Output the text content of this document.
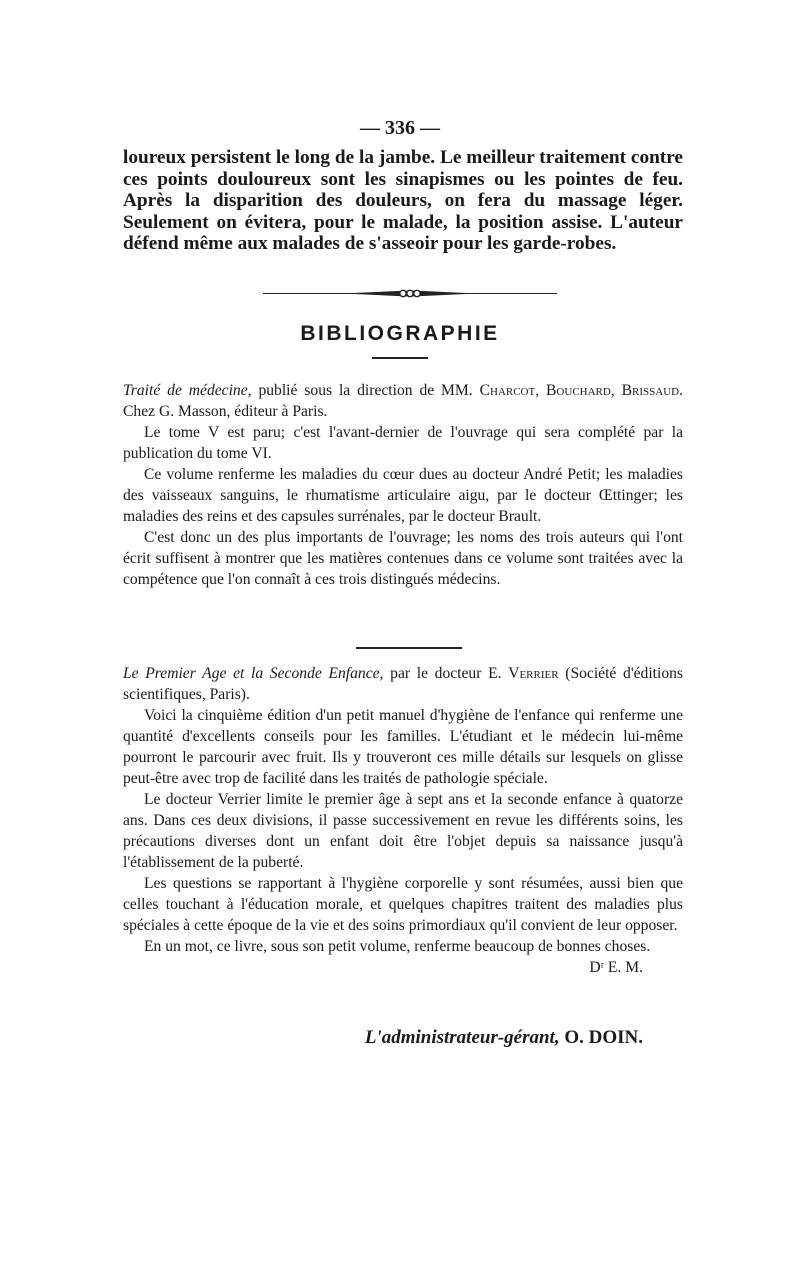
— 336 —

loureux persistent le long de la jambe. Le meilleur traitement contre ces points douloureux sont les sinapismes ou les pointes de feu. Après la disparition des douleurs, on fera du massage léger. Seulement on évitera, pour le malade, la position assise. L'auteur défend même aux malades de s'asseoir pour les garde-robes.

BIBLIOGRAPHIE

Traité de médecine, publié sous la direction de MM. Charcot, Bouchard, Brissaud. Chez G. Masson, éditeur à Paris.

Le tome V est paru; c'est l'avant-dernier de l'ouvrage qui sera complété par la publication du tome VI.

Ce volume renferme les maladies du cœur dues au docteur André Petit; les maladies des vaisseaux sanguins, le rhumatisme articulaire aigu, par le docteur Œttinger; les maladies des reins et des capsules surrénales, par le docteur Brault.

C'est donc un des plus importants de l'ouvrage; les noms des trois auteurs qui l'ont écrit suffisent à montrer que les matières contenues dans ce volume sont traitées avec la compétence que l'on connaît à ces trois distingués médecins.

Le Premier Age et la Seconde Enfance, par le docteur E. Verrier (Société d'éditions scientifiques, Paris).

Voici la cinquième édition d'un petit manuel d'hygiène de l'enfance qui renferme une quantité d'excellents conseils pour les familles. L'étudiant et le médecin lui-même pourront le parcourir avec fruit. Ils y trouveront ces mille détails sur lesquels on glisse peut-être avec trop de facilité dans les traités de pathologie spéciale.

Le docteur Verrier limite le premier âge à sept ans et la seconde enfance à quatorze ans. Dans ces deux divisions, il passe successivement en revue les différents soins, les précautions diverses dont un enfant doit être l'objet depuis sa naissance jusqu'à l'établissement de la puberté.

Les questions se rapportant à l'hygiène corporelle y sont résumées, aussi bien que celles touchant à l'éducation morale, et quelques chapitres traitent des maladies plus spéciales à cette époque de la vie et des soins primordiaux qu'il convient de leur opposer.

En un mot, ce livre, sous son petit volume, renferme beaucoup de bonnes choses.

Dʳ E. M.
L'administrateur-gérant, O. DOIN.
